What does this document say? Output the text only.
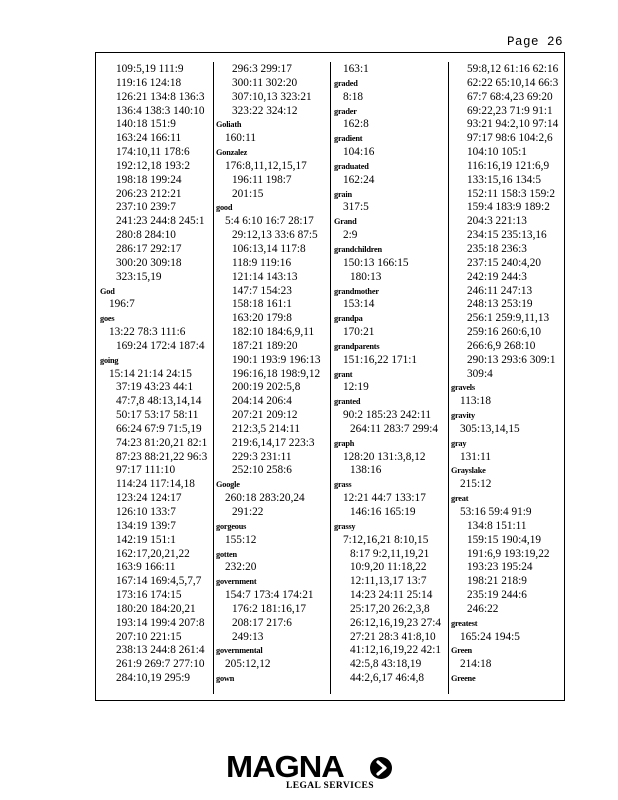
Page 26
109:5,19 111:9
119:16 124:18
126:21 134:8 136:3
136:4 138:3 140:10
140:18 151:9
163:24 166:11
174:10,11 178:6
192:12,18 193:2
198:18 199:24
206:23 212:21
237:10 239:7
241:23 244:8 245:1
280:8 284:10
286:17 292:17
300:20 309:18
323:15,19
God
196:7
goes
13:22 78:3 111:6
169:24 172:4 187:4
going
15:14 21:14 24:15
37:19 43:23 44:1
47:7,8 48:13,14,14
50:17 53:17 58:11
66:24 67:9 71:5,19
74:23 81:20,21 82:1
87:23 88:21,22 96:3
97:17 111:10
114:24 117:14,18
123:24 124:17
126:10 133:7
134:19 139:7
142:19 151:1
162:17,20,21,22
163:9 166:11
167:14 169:4,5,7,7
173:16 174:15
180:20 184:20,21
193:14 199:4 207:8
207:10 221:15
238:13 244:8 261:4
261:9 269:7 277:10
284:10,19 295:9
296:3 299:17
300:11 302:20
307:10,13 323:21
323:22 324:12
Goliath
160:11
Gonzalez
176:8,11,12,15,17
196:11 198:7
201:15
good
5:4 6:10 16:7 28:17
29:12,13 33:6 87:5
106:13,14 117:8
118:9 119:16
121:14 143:13
147:7 154:23
158:18 161:1
163:20 179:8
182:10 184:6,9,11
187:21 189:20
190:1 193:9 196:13
196:16,18 198:9,12
200:19 202:5,8
204:14 206:4
207:21 209:12
212:3,5 214:11
219:6,14,17 223:3
229:3 231:11
252:10 258:6
Google
260:18 283:20,24
291:22
gorgeous
155:12
gotten
232:20
government
154:7 173:4 174:21
176:2 181:16,17
208:17 217:6
249:13
governmental
205:12,12
gown
163:1
graded
8:18
grader
162:8
gradient
104:16
graduated
162:24
grain
317:5
Grand
2:9
grandchildren
150:13 166:15
180:13
grandmother
153:14
grandpa
170:21
grandparents
151:16,22 171:1
grant
12:19
granted
90:2 185:23 242:11
264:11 283:7 299:4
graph
128:20 131:3,8,12
138:16
grass
12:21 44:7 133:17
146:16 165:19
grassy
7:12,16,21 8:10,15
8:17 9:2,11,19,21
10:9,20 11:18,22
12:11,13,17 13:7
14:23 24:11 25:14
25:17,20 26:2,3,8
26:12,16,19,23 27:4
27:21 28:3 41:8,10
41:12,16,19,22 42:1
42:5,8 43:18,19
44:2,6,17 46:4,8
59:8,12 61:16 62:16
62:22 65:10,14 66:3
67:7 68:4,23 69:20
69:22,23 71:9 91:1
93:21 94:2,10 97:14
97:17 98:6 104:2,6
104:10 105:1
116:16,19 121:6,9
133:15,16 134:5
152:11 158:3 159:2
159:4 183:9 189:2
204:3 221:13
234:15 235:13,16
235:18 236:3
237:15 240:4,20
242:19 244:3
246:11 247:13
248:13 253:19
256:1 259:9,11,13
259:16 260:6,10
266:6,9 268:10
290:13 293:6 309:1
309:4
gravels
113:18
gravity
305:13,14,15
gray
131:11
Grayslake
215:12
great
53:16 59:4 91:9
134:8 151:11
159:15 190:4,19
191:6,9 193:19,22
193:23 195:24
198:21 218:9
235:19 244:6
246:22
greatest
165:24 194:5
Green
214:18
Greene
MAGNA
LEGAL SERVICES
